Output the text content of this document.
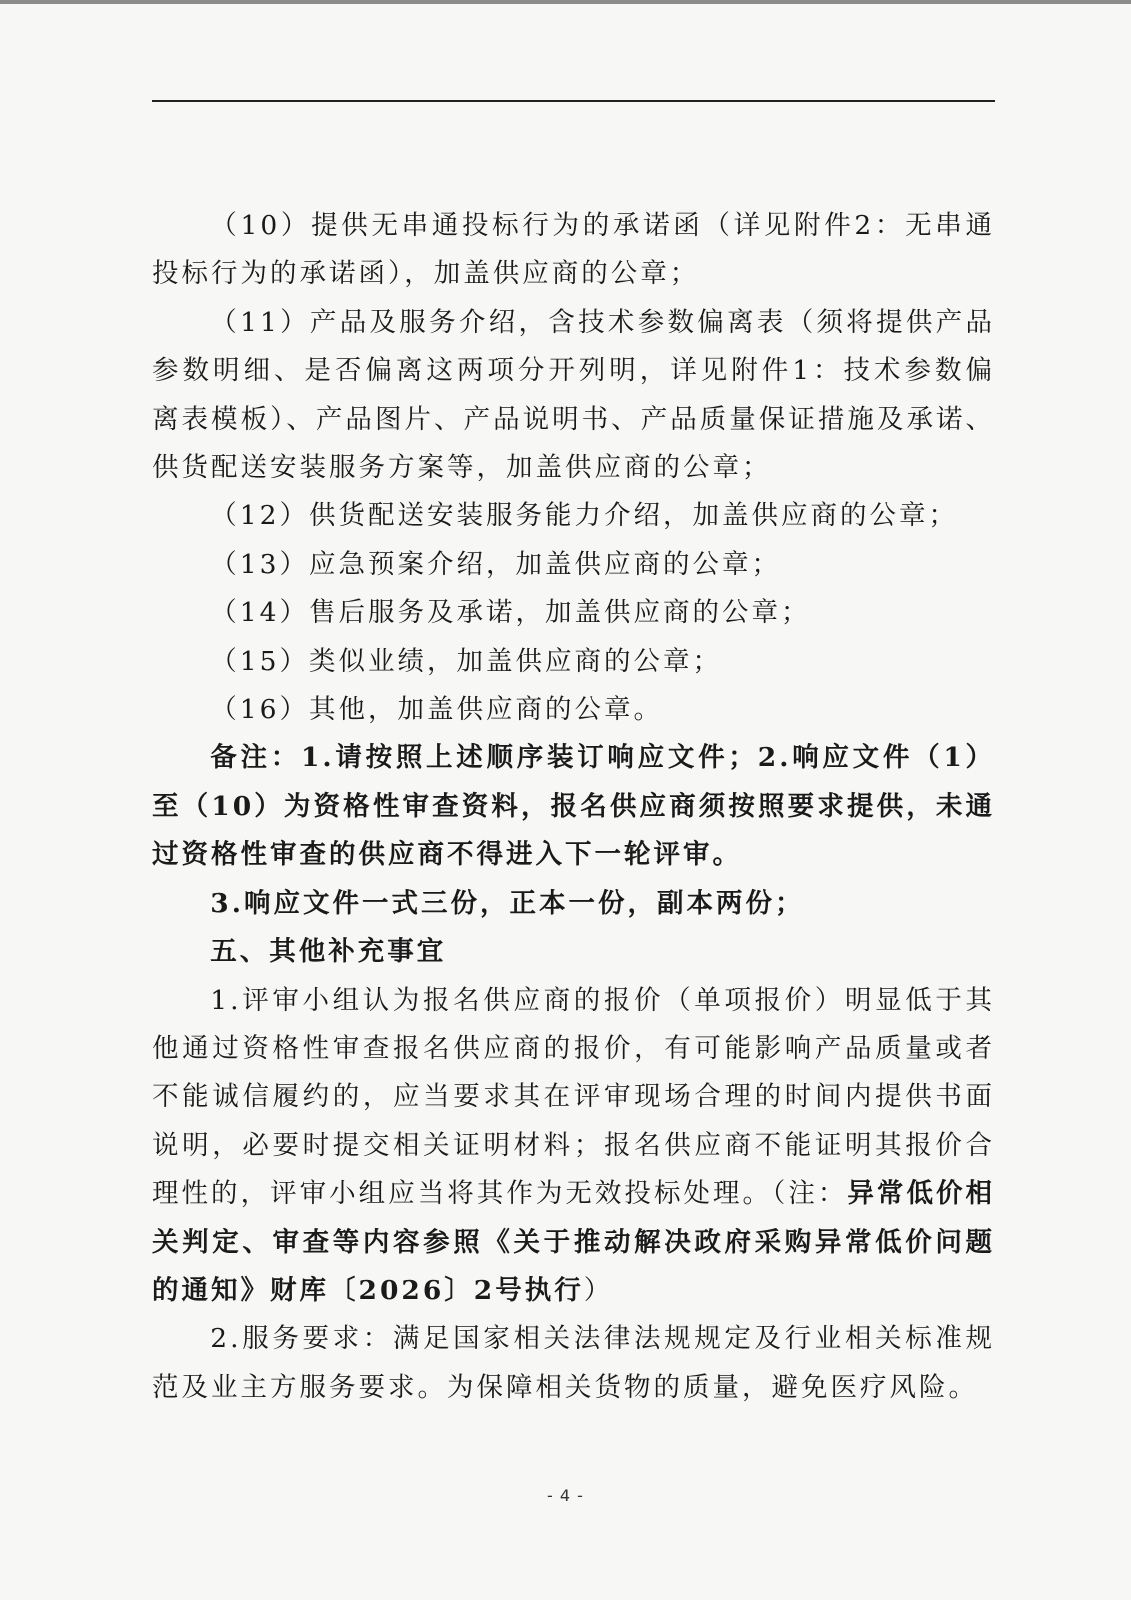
（10）提供无串通投标行为的承诺函（详见附件2：无串通投标行为的承诺函），加盖供应商的公章；

（11）产品及服务介绍，含技术参数偏离表（须将提供产品参数明细、是否偏离这两项分开列明，详见附件1：技术参数偏离表模板）、产品图片、产品说明书、产品质量保证措施及承诺、供货配送安装服务方案等，加盖供应商的公章；

（12）供货配送安装服务能力介绍，加盖供应商的公章；

（13）应急预案介绍，加盖供应商的公章；

（14）售后服务及承诺，加盖供应商的公章；

（15）类似业绩，加盖供应商的公章；

（16）其他，加盖供应商的公章。

备注：1.请按照上述顺序装订响应文件；2.响应文件（1）至（10）为资格性审查资料，报名供应商须按照要求提供，未通过资格性审查的供应商不得进入下一轮评审。

3.响应文件一式三份，正本一份，副本两份；

五、其他补充事宜

1.评审小组认为报名供应商的报价（单项报价）明显低于其他通过资格性审查报名供应商的报价，有可能影响产品质量或者不能诚信履约的，应当要求其在评审现场合理的时间内提供书面说明，必要时提交相关证明材料；报名供应商不能证明其报价合理性的，评审小组应当将其作为无效投标处理。（注：异常低价相关判定、审查等内容参照《关于推动解决政府采购异常低价问题的通知》财库〔2026〕2号执行）

2.服务要求：满足国家相关法律法规规定及行业相关标准规范及业主方服务要求。为保障相关货物的质量，避免医疗风险。

- 4 -
